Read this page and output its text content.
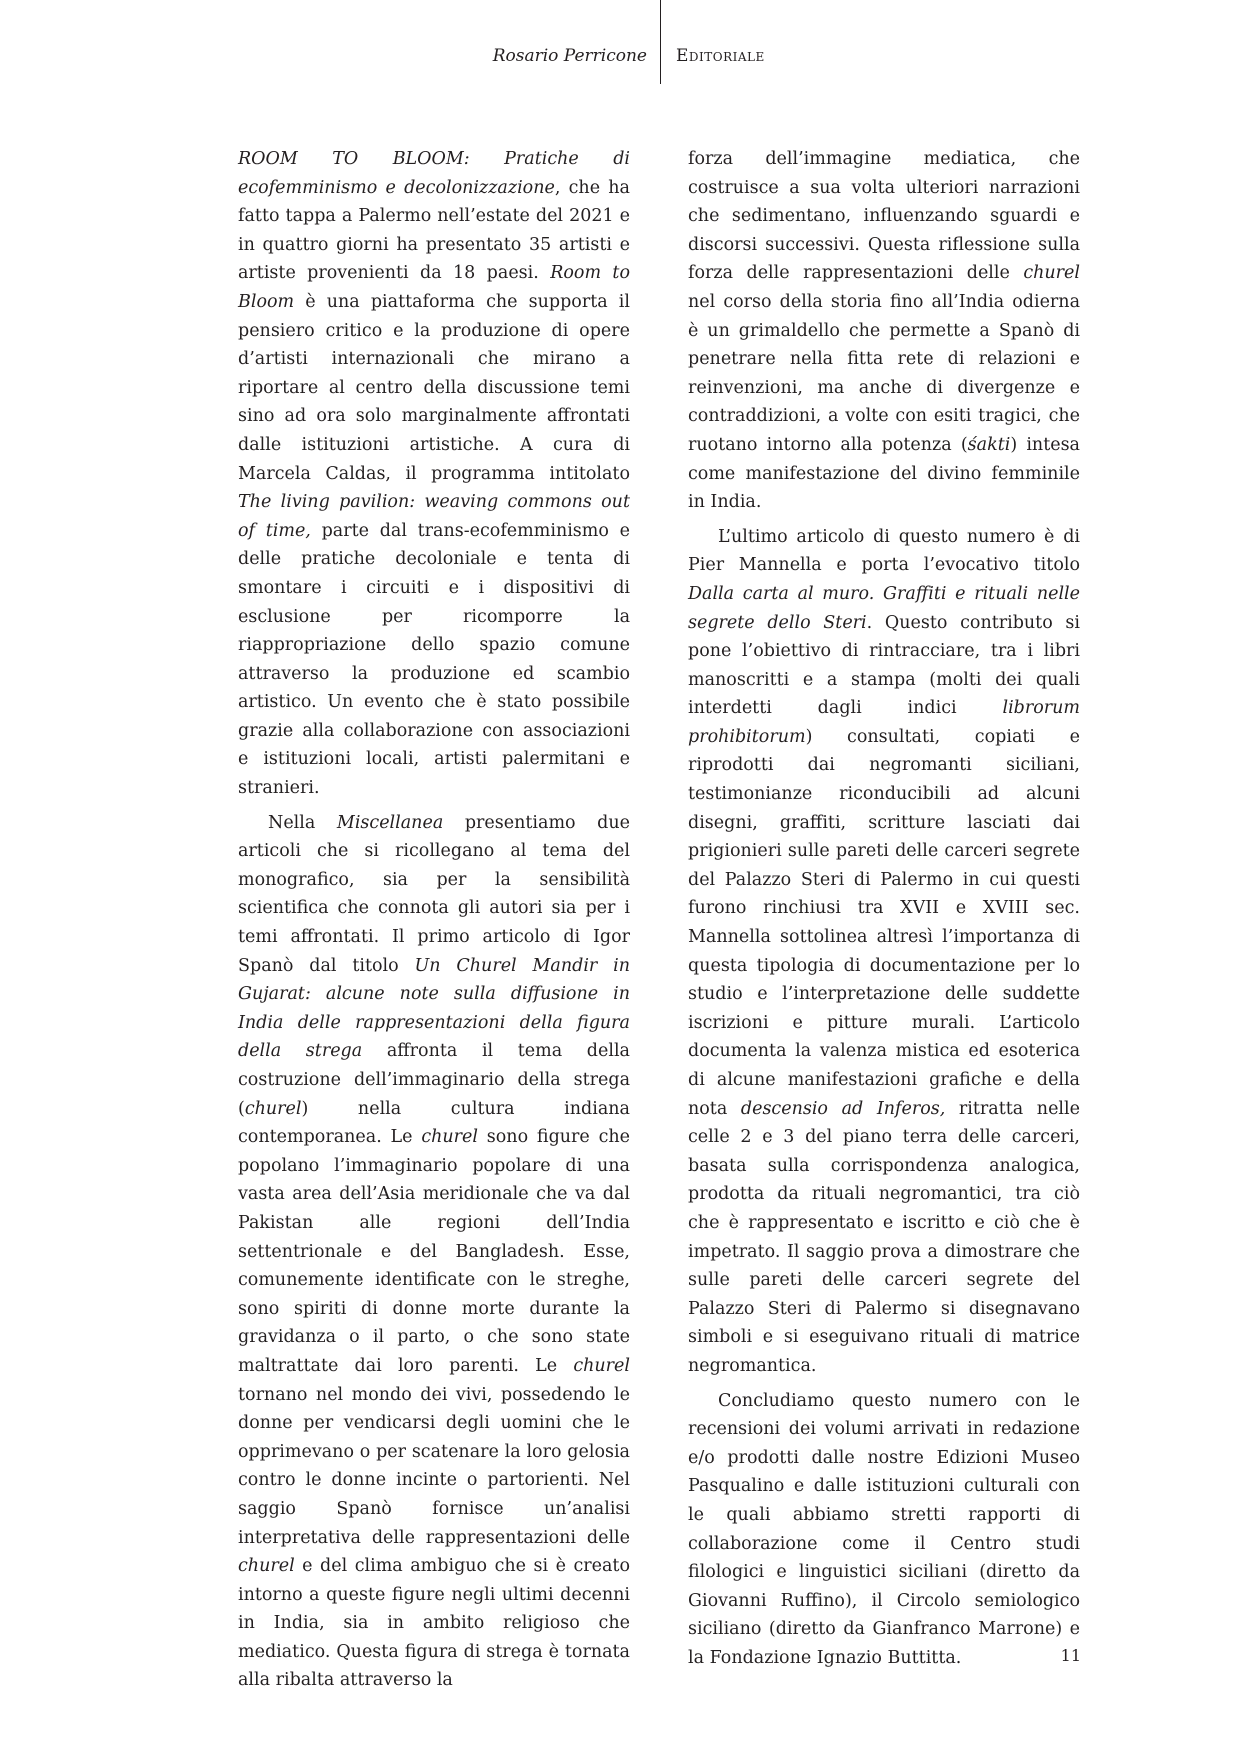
Rosario Perricone Editoriale

ROOM TO BLOOM: Pratiche di ecofemminismo e decolonizzazione, che ha fatto tappa a Palermo nell’estate del 2021 e in quattro giorni ha presentato 35 artisti e artiste provenienti da 18 paesi. Room to Bloom è una piattaforma che supporta il pensiero critico e la produzione di opere d’artisti internazionali che mirano a riportare al centro della discussione temi sino ad ora solo marginalmente affrontati dalle istituzioni artistiche. A cura di Marcela Caldas, il programma intitolato The living pavilion: weaving commons out of time, parte dal trans-ecofemminismo e delle pratiche decoloniale e tenta di smontare i circuiti e i dispositivi di esclusione per ricomporre la riappropriazione dello spazio comune attraverso la produzione ed scambio artistico. Un evento che è stato possibile grazie alla collaborazione con associazioni e istituzioni locali, artisti palermitani e stranieri.

Nella Miscellanea presentiamo due articoli che si ricollegano al tema del monografico, sia per la sensibilità scientifica che connota gli autori sia per i temi affrontati. Il primo articolo di Igor Spanò dal titolo Un Churel Mandir in Gujarat: alcune note sulla diffusione in India delle rappresentazioni della figura della strega affronta il tema della costruzione dell’immaginario della strega (churel) nella cultura indiana contemporanea. Le churel sono figure che popolano l’immaginario popolare di una vasta area dell’Asia meridionale che va dal Pakistan alle regioni dell’India settentrionale e del Bangladesh. Esse, comunemente identificate con le streghe, sono spiriti di donne morte durante la gravidanza o il parto, o che sono state maltrattate dai loro parenti. Le churel tornano nel mondo dei vivi, possedendo le donne per vendicarsi degli uomini che le opprimevano o per scatenare la loro gelosia contro le donne incinte o partorienti. Nel saggio Spanò fornisce un’analisi interpretativa delle rappresentazioni delle churel e del clima ambiguo che si è creato intorno a queste figure negli ultimi decenni in India, sia in ambito religioso che mediatico. Questa figura di strega è tornata alla ribalta attraverso la

forza dell’immagine mediatica, che costruisce a sua volta ulteriori narrazioni che sedimentano, influenzando sguardi e discorsi successivi. Questa riflessione sulla forza delle rappresentazioni delle churel nel corso della storia fino all’India odierna è un grimaldello che permette a Spanò di penetrare nella fitta rete di relazioni e reinvenzioni, ma anche di divergenze e contraddizioni, a volte con esiti tragici, che ruotano intorno alla potenza (śakti) intesa come manifestazione del divino femminile in India.

L’ultimo articolo di questo numero è di Pier Mannella e porta l’evocativo titolo Dalla carta al muro. Graffiti e rituali nelle segrete dello Steri. Questo contributo si pone l’obiettivo di rintracciare, tra i libri manoscritti e a stampa (molti dei quali interdetti dagli indici librorum prohibitorum) consultati, copiati e riprodotti dai negromanti siciliani, testimonianze riconducibili ad alcuni disegni, graffiti, scritture lasciati dai prigionieri sulle pareti delle carceri segrete del Palazzo Steri di Palermo in cui questi furono rinchiusi tra XVII e XVIII sec. Mannella sottolinea altresì l’importanza di questa tipologia di documentazione per lo studio e l’interpretazione delle suddette iscrizioni e pitture murali. L’articolo documenta la valenza mistica ed esoterica di alcune manifestazioni grafiche e della nota descensio ad Inferos, ritratta nelle celle 2 e 3 del piano terra delle carceri, basata sulla corrispondenza analogica, prodotta da rituali negromantici, tra ciò che è rappresentato e iscritto e ciò che è impetrato. Il saggio prova a dimostrare che sulle pareti delle carceri segrete del Palazzo Steri di Palermo si disegnavano simboli e si eseguivano rituali di matrice negromantica.

Concludiamo questo numero con le recensioni dei volumi arrivati in redazione e/o prodotti dalle nostre Edizioni Museo Pasqualino e dalle istituzioni culturali con le quali abbiamo stretti rapporti di collaborazione come il Centro studi filologici e linguistici siciliani (diretto da Giovanni Ruffino), il Circolo semiologico siciliano (diretto da Gianfranco Marrone) e la Fondazione Ignazio Buttitta.	11
